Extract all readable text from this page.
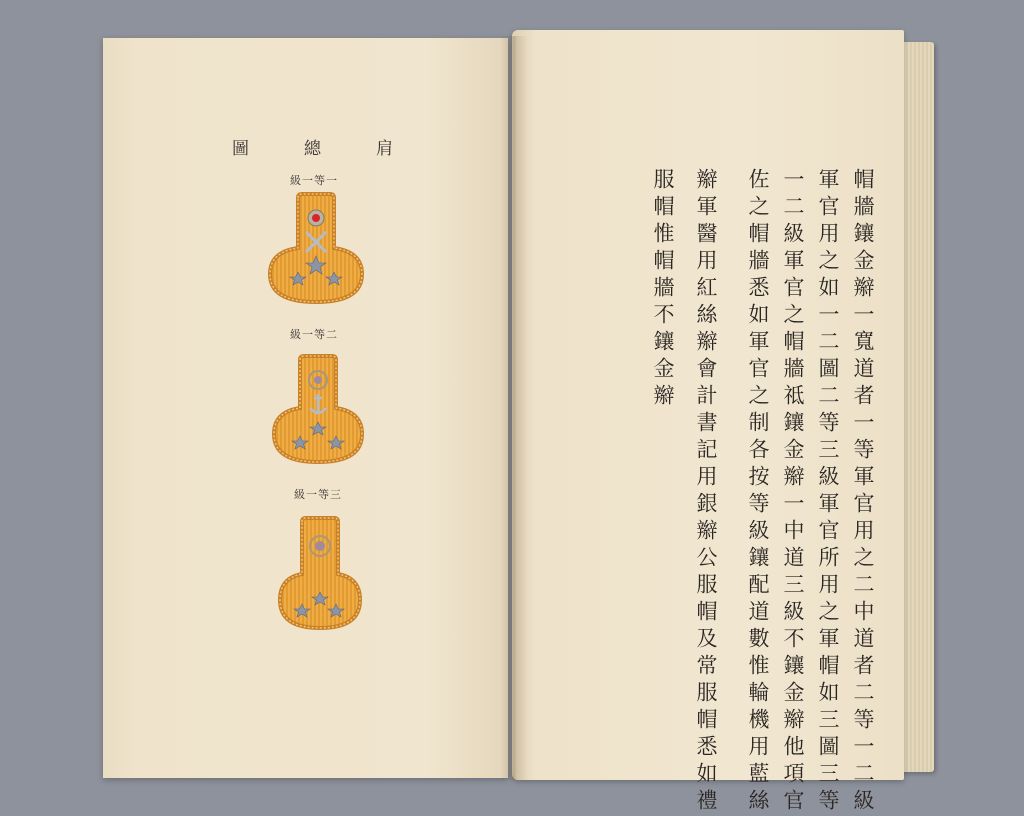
圖	總	肩
級一等一
級一等二
級一等三	帽牆鑲金辮一寬道者一等軍官用之二中道者二等一二級
軍官用之如一二圖二等三級軍官所用之軍帽如三圖三等
一二級軍官之帽牆祗鑲金辮一中道三級不鑲金辮他項官
佐之帽牆悉如軍官之制各按等級鑲配道數惟輪機用藍絲
辮軍醫用紅絲辮會計書記用銀辮公服帽及常服帽悉如禮
服帽惟帽牆不鑲金辮
